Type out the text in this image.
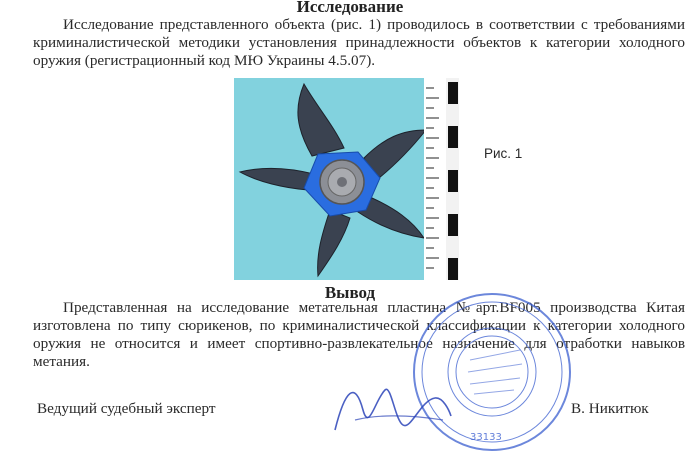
Исследование
Исследование представленного объекта (рис. 1) проводилось в соответствии с требованиями криминалистической методики установления принадлежности объектов к категории холодного оружия (регистрационный код МЮ Украины 4.5.07).
Рис. 1
Вывод
Представленная на исследование метательная пластина №арт.BF005 производства Китая изготовлена по типу сюрикенов, по криминалистической классификации к категории холодного оружия не относится и имеет спортивно-развлекательное назначение для отработки навыков метания.
Ведущий судебный эксперт	В. Никитюк
33133
